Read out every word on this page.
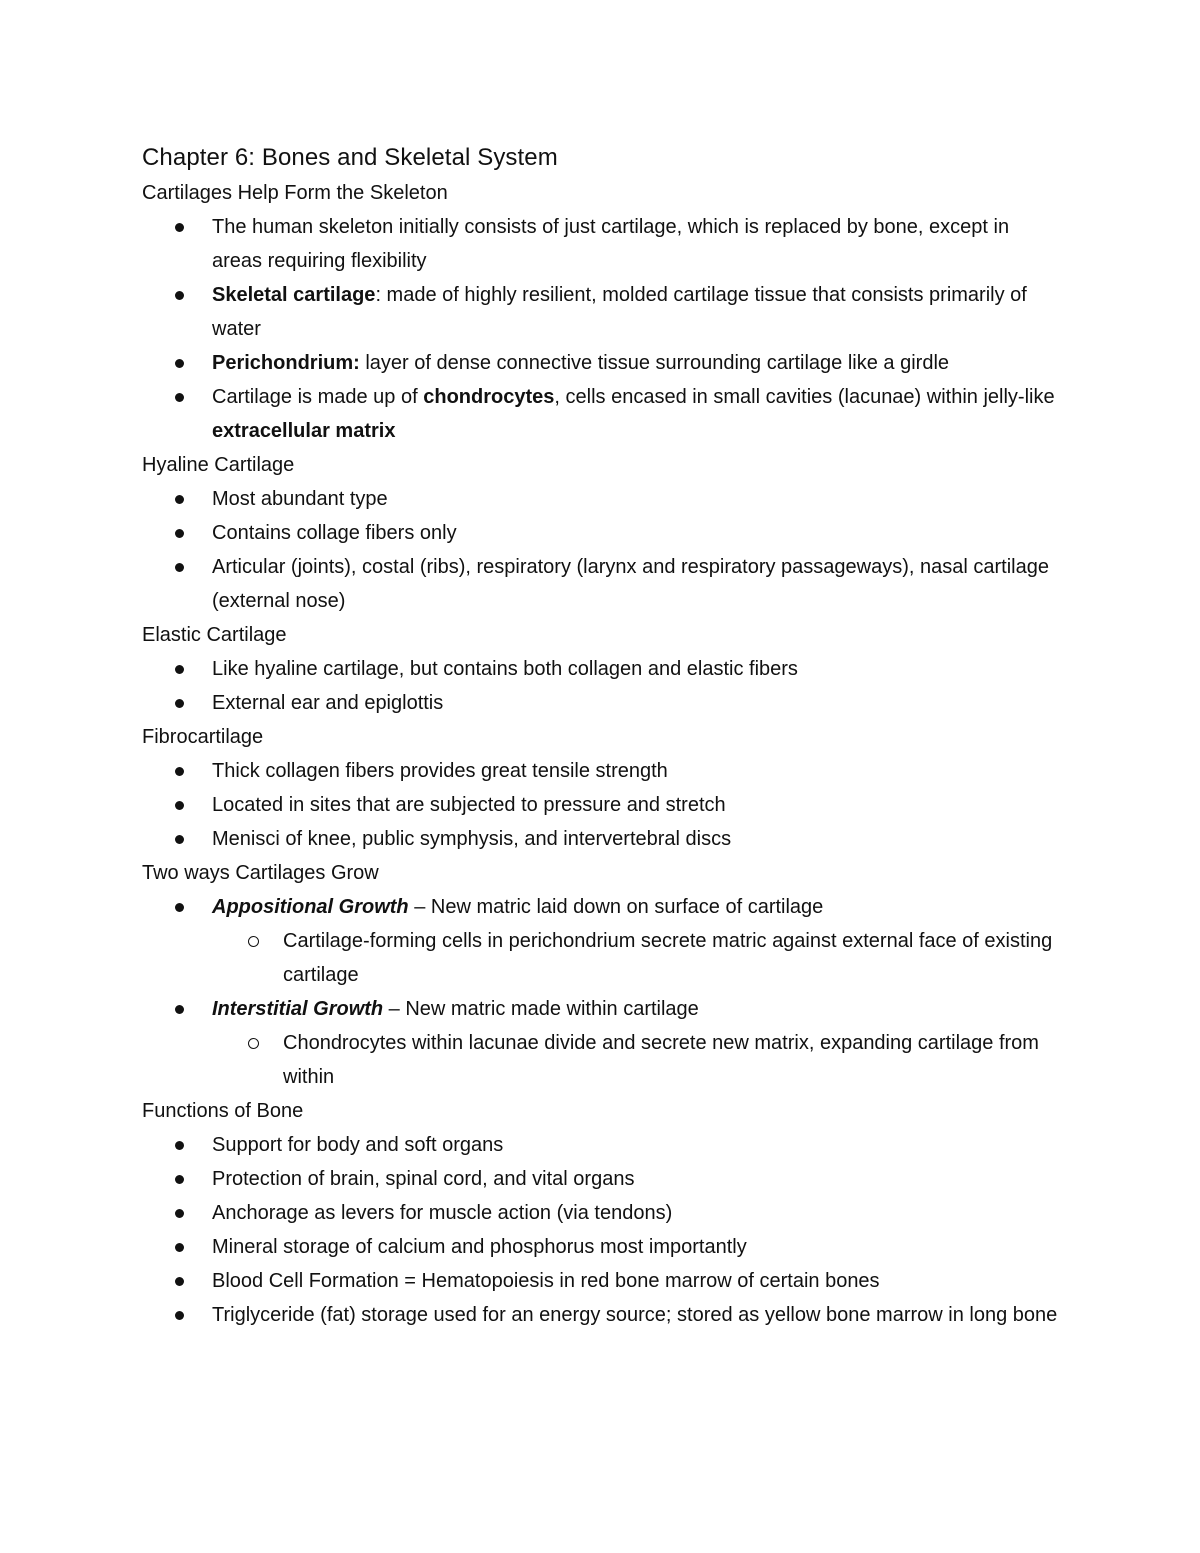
Chapter 6: Bones and Skeletal System
Cartilages Help Form the Skeleton
The human skeleton initially consists of just cartilage, which is replaced by bone, except in areas requiring flexibility
Skeletal cartilage: made of highly resilient, molded cartilage tissue that consists primarily of water
Perichondrium: layer of dense connective tissue surrounding cartilage like a girdle
Cartilage is made up of chondrocytes, cells encased in small cavities (lacunae) within jelly-like extracellular matrix
Hyaline Cartilage
Most abundant type
Contains collage fibers only
Articular (joints), costal (ribs), respiratory (larynx and respiratory passageways), nasal cartilage (external nose)
Elastic Cartilage
Like hyaline cartilage, but contains both collagen and elastic fibers
External ear and epiglottis
Fibrocartilage
Thick collagen fibers provides great tensile strength
Located in sites that are subjected to pressure and stretch
Menisci of knee, public symphysis, and intervertebral discs
Two ways Cartilages Grow
Appositional Growth – New matric laid down on surface of cartilage
Cartilage-forming cells in perichondrium secrete matric against external face of existing cartilage
Interstitial Growth – New matric made within cartilage
Chondrocytes within lacunae divide and secrete new matrix, expanding cartilage from within
Functions of Bone
Support for body and soft organs
Protection of brain, spinal cord, and vital organs
Anchorage as levers for muscle action (via tendons)
Mineral storage of calcium and phosphorus most importantly
Blood Cell Formation = Hematopoiesis in red bone marrow of certain bones
Triglyceride (fat) storage used for an energy source; stored as yellow bone marrow in long bone
